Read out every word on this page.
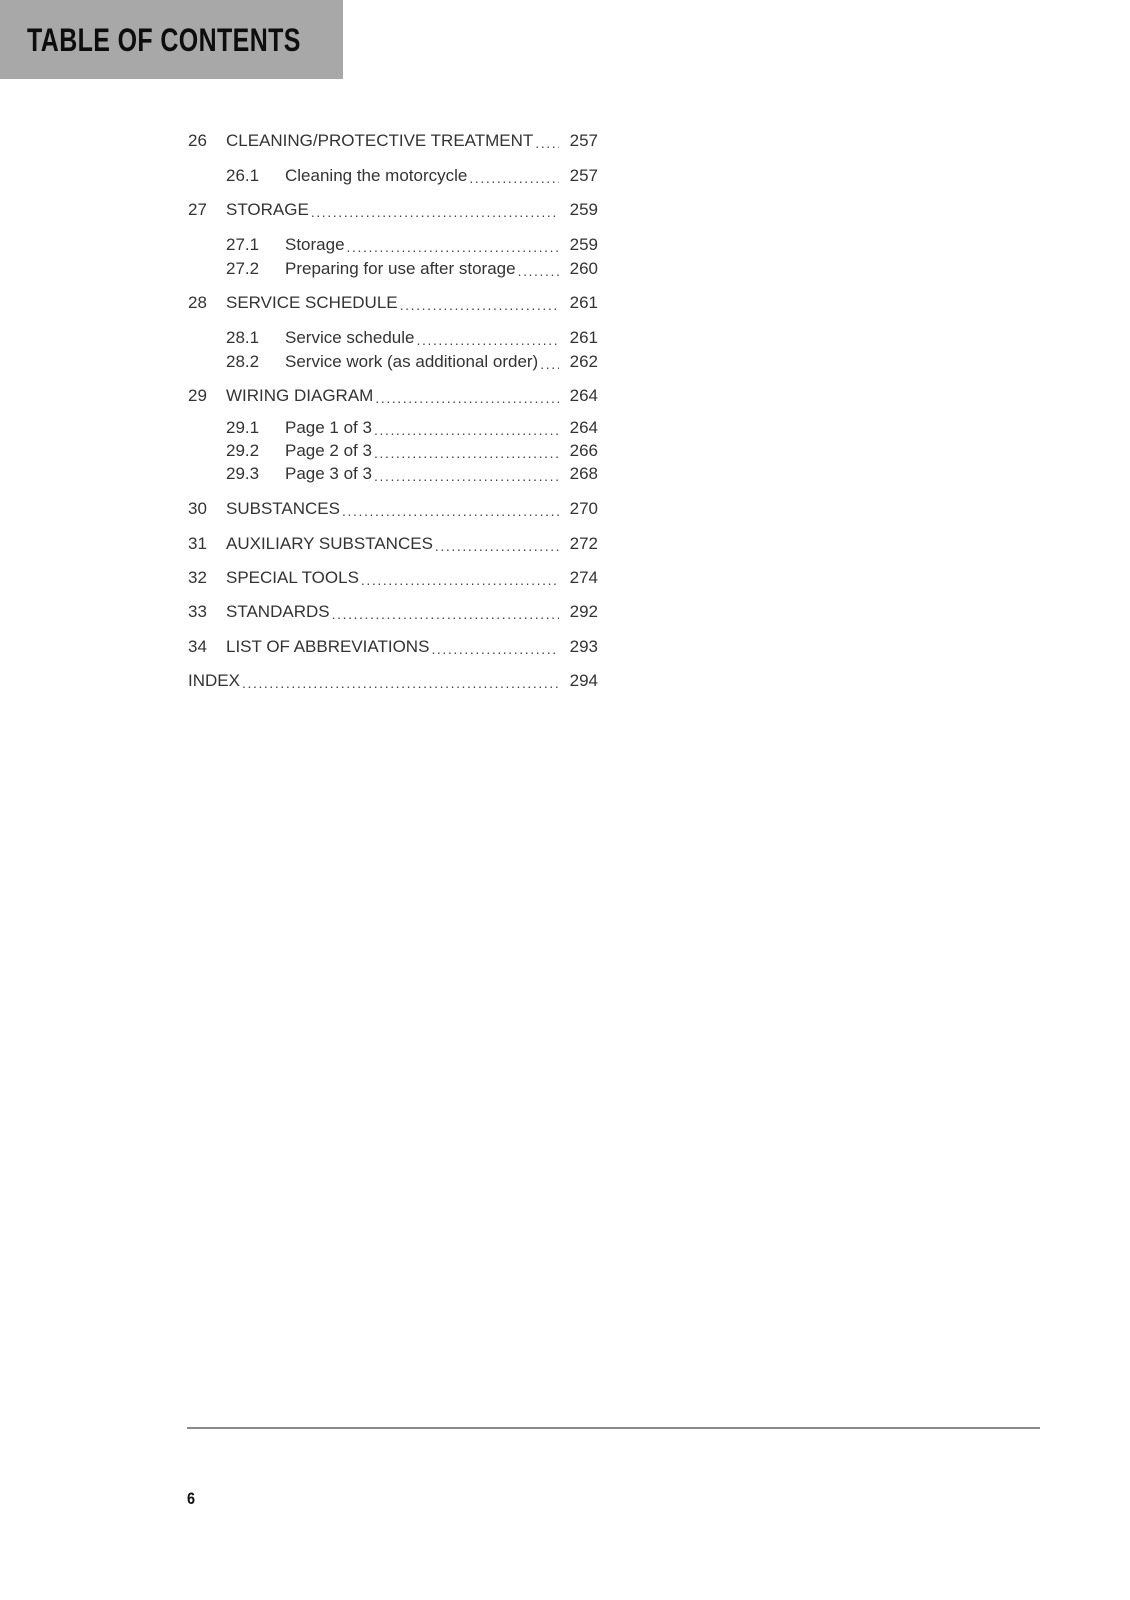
TABLE OF CONTENTS
26	CLEANING/PROTECTIVE TREATMENT ..... 257
26.1	Cleaning the motorcycle .....	257
27	STORAGE .....	259
27.1	Storage .....	259
27.2	Preparing for use after storage .....	260
28	SERVICE SCHEDULE .....	261
28.1	Service schedule .....	261
28.2	Service work (as additional order) ..... 262
29	WIRING DIAGRAM .....	264
29.1	Page 1 of 3 .....	264
29.2	Page 2 of 3 .....	266
29.3	Page 3 of 3 .....	268
30	SUBSTANCES .....	270
31	AUXILIARY SUBSTANCES .....	272
32	SPECIAL TOOLS .....	274
33	STANDARDS .....	292
34	LIST OF ABBREVIATIONS .....	293
INDEX .....	294
6
